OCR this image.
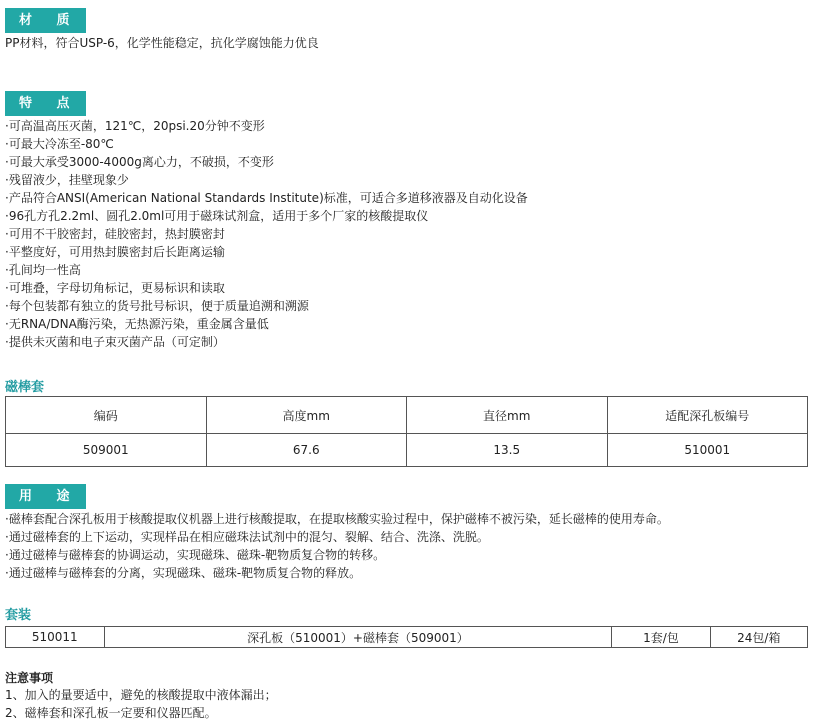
材 质
PP材料，符合USP-6，化学性能稳定，抗化学腐蚀能力优良
特 点
·可高温高压灭菌，121℃，20psi.20分钟不变形
·可最大冷冻至-80℃
·可最大承受3000-4000g离心力，不破损，不变形
·残留液少，挂壁现象少
·产品符合ANSI(American National Standards Institute)标准，可适合多道移液器及自动化设备
·96孔方孔2.2ml、圆孔2.0ml可用于磁珠试剂盒，适用于多个厂家的核酸提取仪
·可用不干胶密封，硅胶密封，热封膜密封
·平整度好，可用热封膜密封后长距离运输
·孔间均一性高
·可堆叠，字母切角标记，更易标识和读取
·每个包装都有独立的货号批号标识，便于质量追溯和溯源
·无RNA/DNA酶污染，无热源污染，重金属含量低
·提供未灭菌和电子束灭菌产品（可定制）
磁棒套
编码	高度mm	直径mm	适配深孔板编号
509001	67.6	13.5	510001
用 途
·磁棒套配合深孔板用于核酸提取仪机器上进行核酸提取，在提取核酸实验过程中，保护磁棒不被污染，延长磁棒的使用寿命。
·通过磁棒套的上下运动，实现样品在相应磁珠法试剂中的混匀、裂解、结合、洗涤、洗脱。
·通过磁棒与磁棒套的协调运动，实现磁珠、磁珠-靶物质复合物的转移。
·通过磁棒与磁棒套的分离，实现磁珠、磁珠-靶物质复合物的释放。
套装
510011	深孔板（510001）+磁棒套（509001）	1套/包	24包/箱
注意事项
1、加入的量要适中，避免的核酸提取中液体漏出；
2、磁棒套和深孔板一定要和仪器匹配。
